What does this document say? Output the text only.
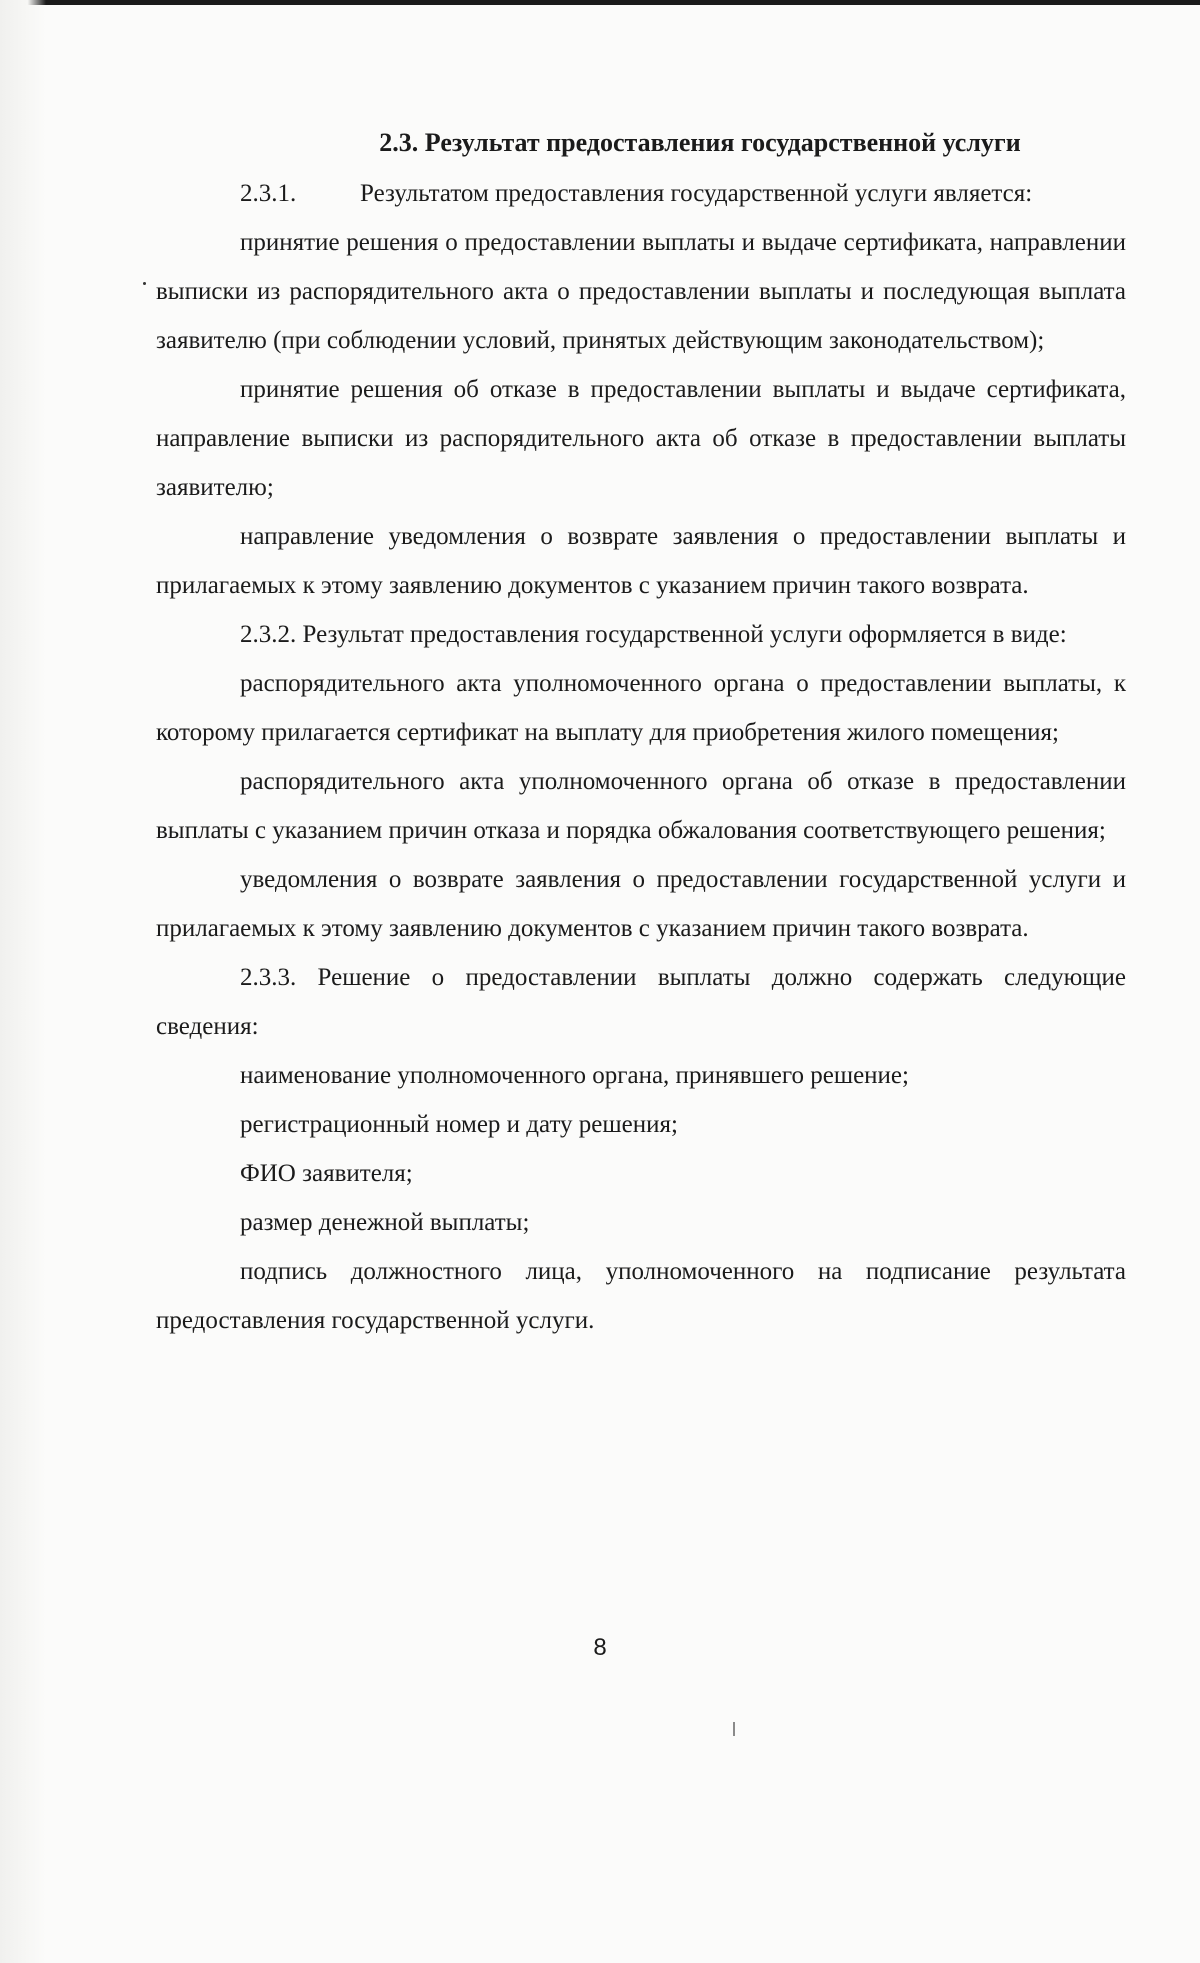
2.3. Результат предоставления государственной услуги

2.3.1.	Результатом предоставления государственной услуги является:

принятие решения о предоставлении выплаты и выдаче сертификата, направлении выписки из распорядительного акта о предоставлении выплаты и последующая выплата заявителю (при соблюдении условий, принятых действующим законодательством);

принятие решения об отказе в предоставлении выплаты и выдаче сертификата, направление выписки из распорядительного акта об отказе в предоставлении выплаты заявителю;

направление уведомления о возврате заявления о предоставлении выплаты и прилагаемых к этому заявлению документов с указанием причин такого возврата.

2.3.2. Результат предоставления государственной услуги оформляется в виде:

распорядительного акта уполномоченного органа о предоставлении выплаты, к которому прилагается сертификат на выплату для приобретения жилого помещения;

распорядительного акта уполномоченного органа об отказе в предоставлении выплаты с указанием причин отказа и порядка обжалования соответствующего решения;

уведомления о возврате заявления о предоставлении государственной услуги и прилагаемых к этому заявлению документов с указанием причин такого возврата.

2.3.3. Решение о предоставлении выплаты должно содержать следующие сведения:

наименование уполномоченного органа, принявшего решение;

регистрационный номер и дату решения;

ФИО заявителя;

размер денежной выплаты;

подпись должностного лица, уполномоченного на подписание результата предоставления государственной услуги.

8
